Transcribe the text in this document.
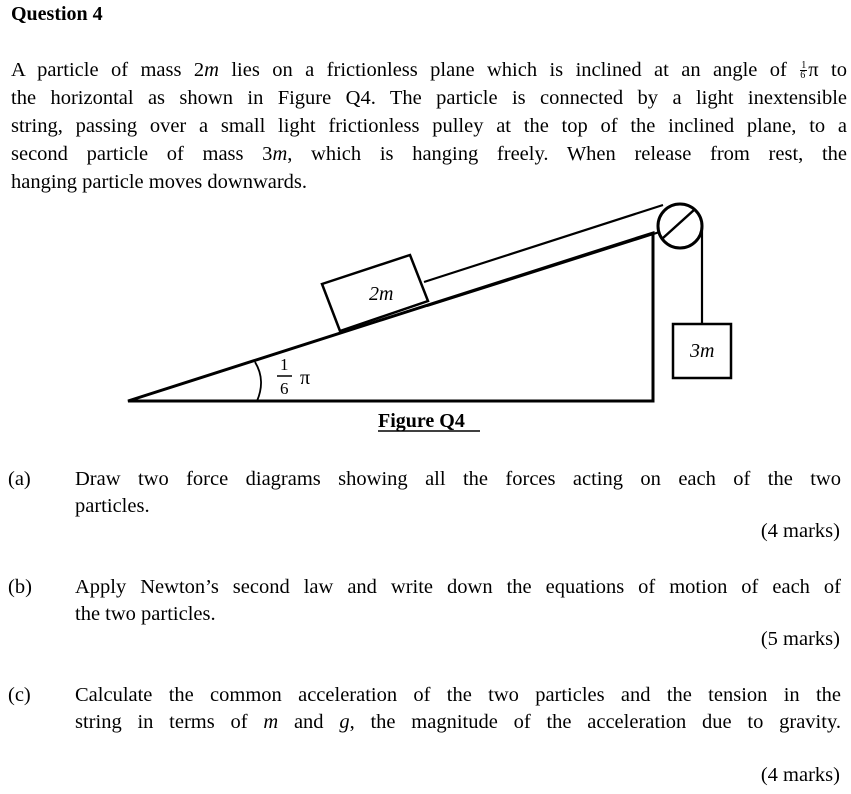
Question 4
A particle of mass 2m lies on a frictionless plane which is inclined at an angle of $\frac{1}{6}$ π to
the horizontal as shown in Figure Q4. The particle is connected by a light inextensible
string, passing over a small light frictionless pulley at the top of the inclined plane, to a
second particle of mass 3m, which is hanging freely. When release from rest, the
hanging particle moves downwards.
2m
3m
1
6 π
Figure Q4
(a) Draw two force diagrams showing all the forces acting on each of the two
particles.
(4 marks)
(b) Apply Newton’s second law and write down the equations of motion of each of
the two particles.
(5 marks)
(c) Calculate the common acceleration of the two particles and the tension in the
string in terms of m and g, the magnitude of the acceleration due to gravity.
(4 marks)
